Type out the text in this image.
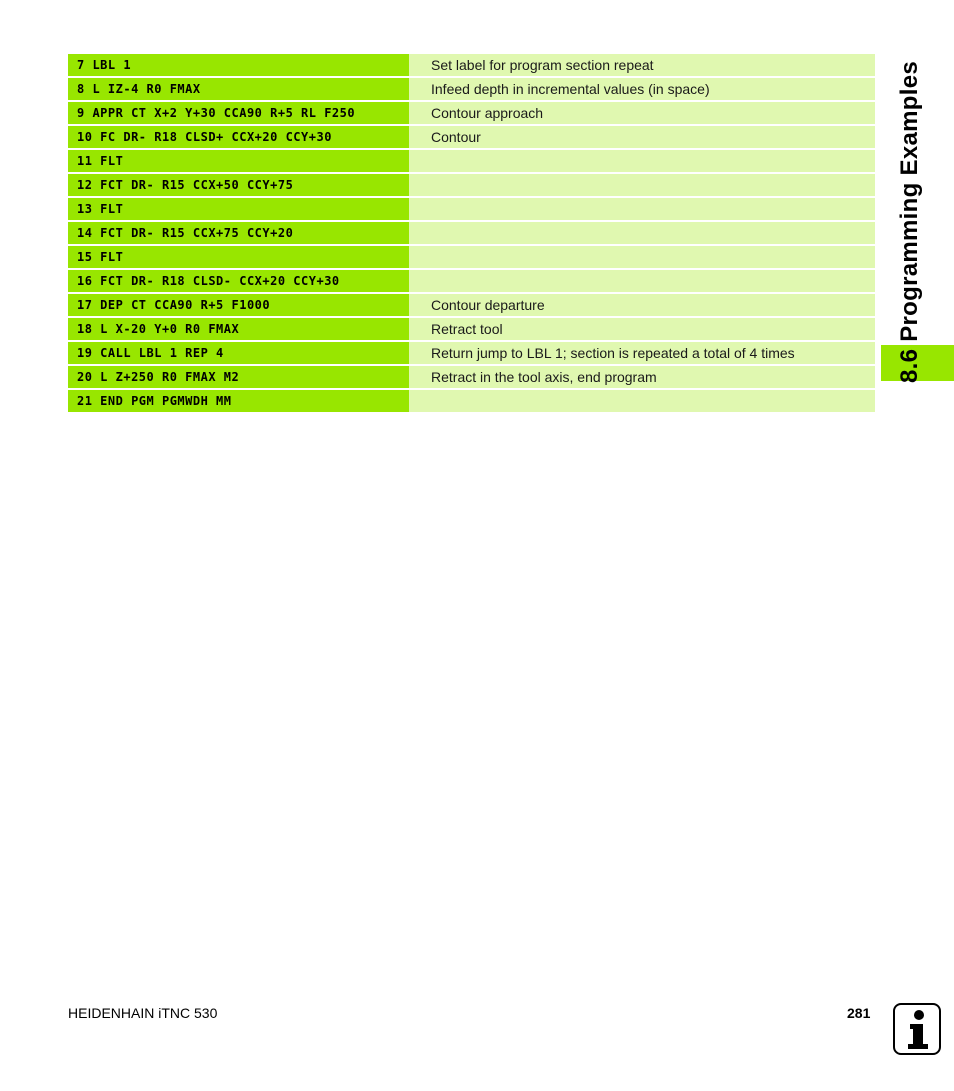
7 LBL 1	Set label for program section repeat
8 L IZ-4 R0 FMAX	Infeed depth in incremental values (in space)
9 APPR CT X+2 Y+30 CCA90 R+5 RL F250	Contour approach
10 FC DR- R18 CLSD+ CCX+20 CCY+30	Contour
11 FLT
12 FCT DR- R15 CCX+50 CCY+75
13 FLT
14 FCT DR- R15 CCX+75 CCY+20
15 FLT
16 FCT DR- R18 CLSD- CCX+20 CCY+30
17 DEP CT CCA90 R+5 F1000	Contour departure
18 L X-20 Y+0 R0 FMAX	Retract tool
19 CALL LBL 1 REP 4	Return jump to LBL 1; section is repeated a total of 4 times
20 L Z+250 R0 FMAX M2	Retract in the tool axis, end program
21 END PGM PGMWDH MM
8.6 Programming Examples
HEIDENHAIN iTNC 530	281
